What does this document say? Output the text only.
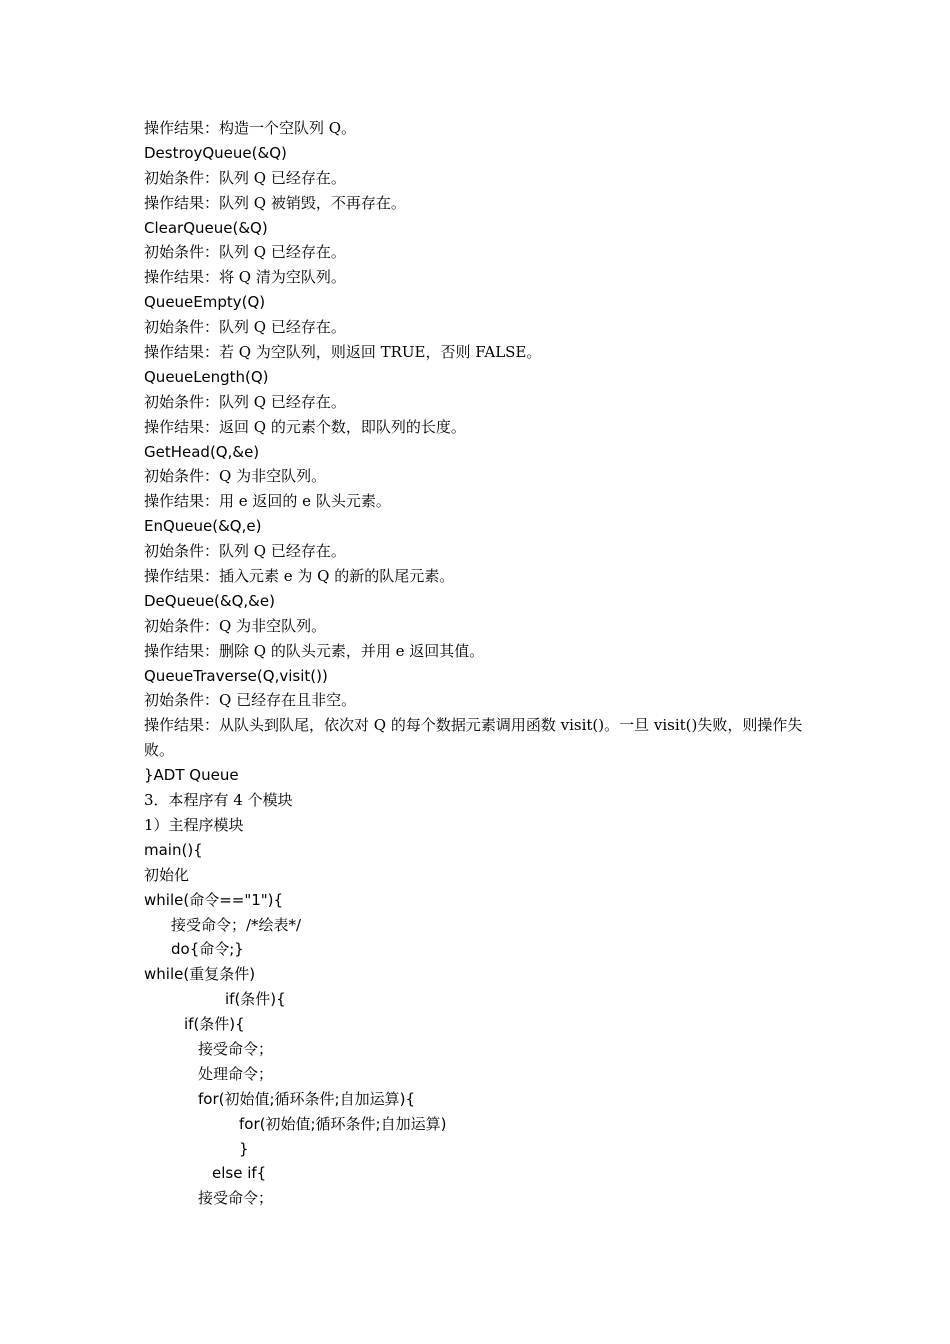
操作结果：构造一个空队列 Q。
DestroyQueue(&Q)
初始条件：队列 Q 已经存在。
操作结果：队列 Q 被销毁，不再存在。
ClearQueue(&Q)
初始条件：队列 Q 已经存在。
操作结果：将 Q 清为空队列。
QueueEmpty(Q)
初始条件：队列 Q 已经存在。
操作结果：若 Q 为空队列，则返回 TRUE，否则 FALSE。
QueueLength(Q)
初始条件：队列 Q 已经存在。
操作结果：返回 Q 的元素个数，即队列的长度。
GetHead(Q,&e)
初始条件：Q 为非空队列。
操作结果：用 e 返回的 e 队头元素。
EnQueue(&Q,e)
初始条件：队列 Q 已经存在。
操作结果：插入元素 e 为 Q 的新的队尾元素。
DeQueue(&Q,&e)
初始条件：Q 为非空队列。
操作结果：删除 Q 的队头元素，并用 e 返回其值。
QueueTraverse(Q,visit())
初始条件：Q 已经存在且非空。
操作结果：从队头到队尾，依次对 Q 的每个数据元素调用函数 visit()。一旦 visit()失败，则操作失败。
}ADT Queue
3．本程序有 4 个模块
1）主程序模块
main(){
初始化
while(命令=="1"){
接受命令；/*绘表*/
do{命令;}
while(重复条件)
if(条件){
if(条件){
接受命令；
处理命令；
for(初始值;循环条件;自加运算){
for(初始值;循环条件;自加运算)
}
else if{
接受命令；
